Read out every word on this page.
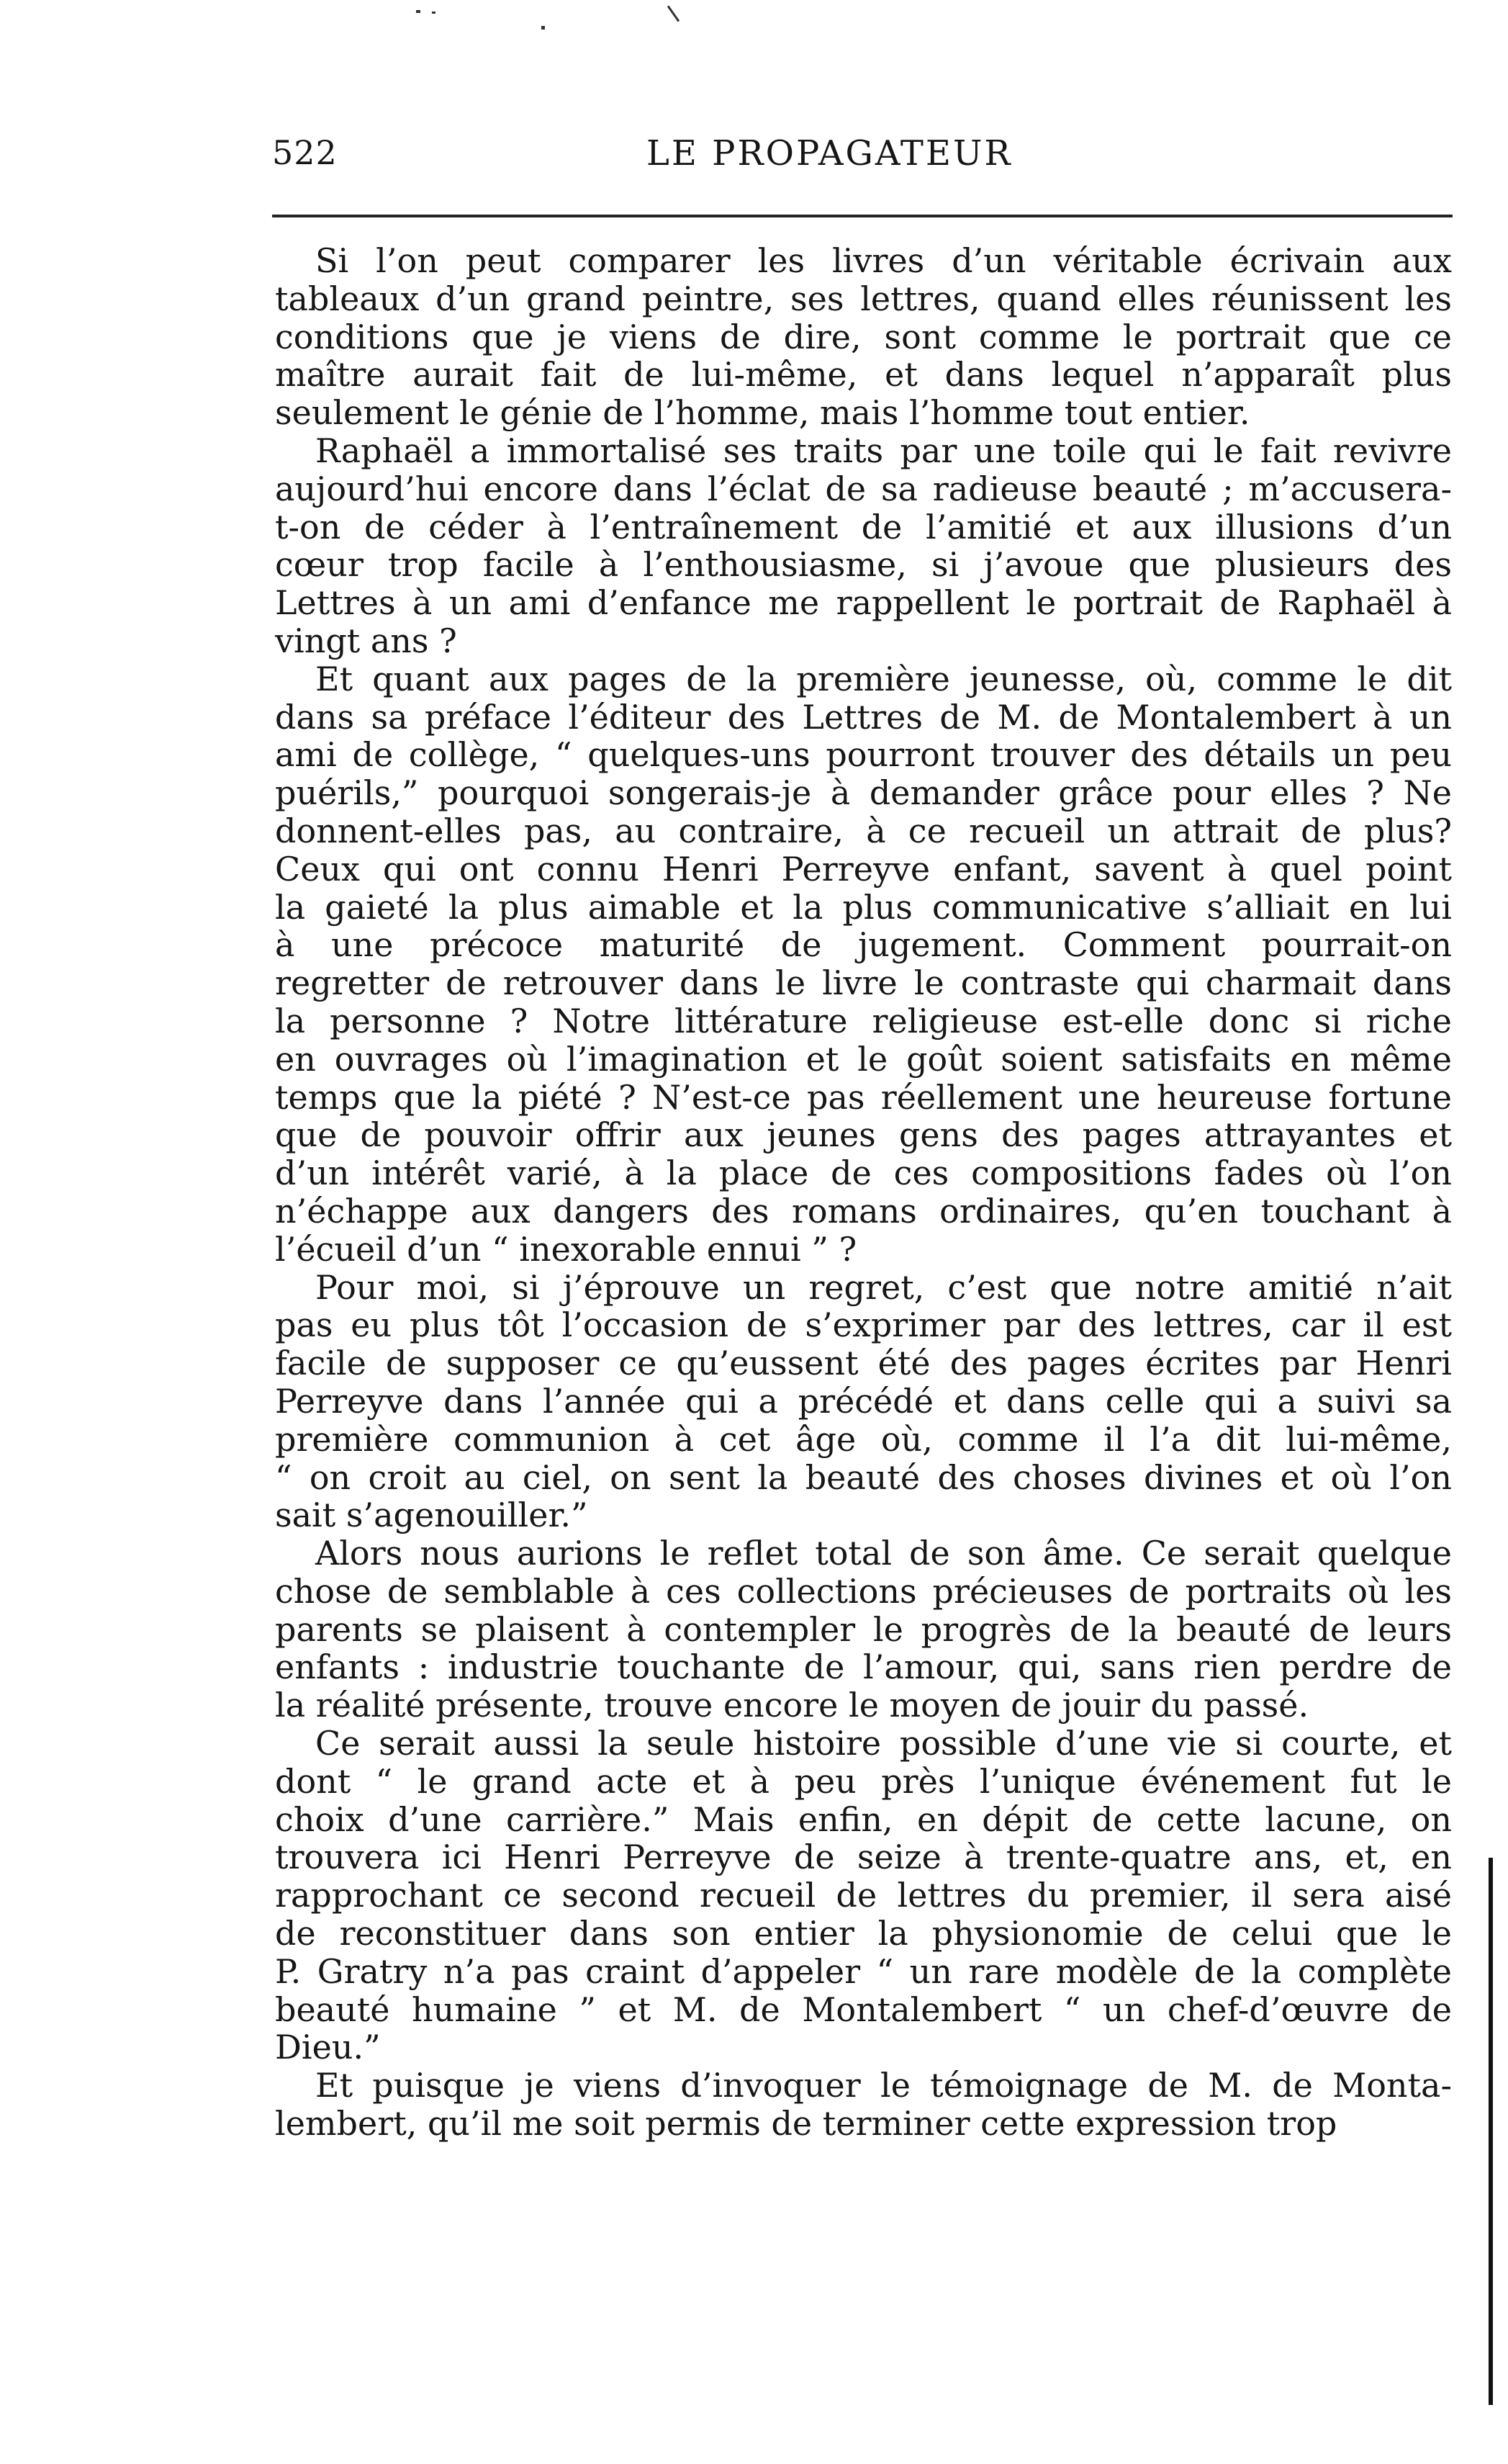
522	LE PROPAGATEUR

Si l’on peut comparer les livres d’un véritable écrivain aux
tableaux d’un grand peintre, ses lettres, quand elles réunissent les
conditions que je viens de dire, sont comme le portrait que ce
maître aurait fait de lui-même, et dans lequel n’apparaît plus
seulement le génie de l’homme, mais l’homme tout entier.

Raphaël a immortalisé ses traits par une toile qui le fait revivre
aujourd’hui encore dans l’éclat de sa radieuse beauté ; m’accusera-
t-on de céder à l’entraînement de l’amitié et aux illusions d’un
cœur trop facile à l’enthousiasme, si j’avoue que plusieurs des
Lettres à un ami d’enfance me rappellent le portrait de Raphaël à
vingt ans ?

Et quant aux pages de la première jeunesse, où, comme le dit
dans sa préface l’éditeur des Lettres de M. de Montalembert à un
ami de collège, “ quelques-uns pourront trouver des détails un peu
puérils,” pourquoi songerais-je à demander grâce pour elles ? Ne
donnent-elles pas, au contraire, à ce recueil un attrait de plus?
Ceux qui ont connu Henri Perreyve enfant, savent à quel point
la gaieté la plus aimable et la plus communicative s’alliait en lui
à une précoce maturité de jugement. Comment pourrait-on
regretter de retrouver dans le livre le contraste qui charmait dans
la personne ? Notre littérature religieuse est-elle donc si riche
en ouvrages où l’imagination et le goût soient satisfaits en même
temps que la piété ? N’est-ce pas réellement une heureuse fortune
que de pouvoir offrir aux jeunes gens des pages attrayantes et
d’un intérêt varié, à la place de ces compositions fades où l’on
n’échappe aux dangers des romans ordinaires, qu’en touchant à
l’écueil d’un “ inexorable ennui ” ?

Pour moi, si j’éprouve un regret, c’est que notre amitié n’ait
pas eu plus tôt l’occasion de s’exprimer par des lettres, car il est
facile de supposer ce qu’eussent été des pages écrites par Henri
Perreyve dans l’année qui a précédé et dans celle qui a suivi sa
première communion à cet âge où, comme il l’a dit lui-même,
“ on croit au ciel, on sent la beauté des choses divines et où l’on
sait s’agenouiller.”

Alors nous aurions le reflet total de son âme. Ce serait quelque
chose de semblable à ces collections précieuses de portraits où les
parents se plaisent à contempler le progrès de la beauté de leurs
enfants : industrie touchante de l’amour, qui, sans rien perdre de
la réalité présente, trouve encore le moyen de jouir du passé.

Ce serait aussi la seule histoire possible d’une vie si courte, et
dont “ le grand acte et à peu près l’unique événement fut le
choix d’une carrière.” Mais enfin, en dépit de cette lacune, on
trouvera ici Henri Perreyve de seize à trente-quatre ans, et, en
rapprochant ce second recueil de lettres du premier, il sera aisé
de reconstituer dans son entier la physionomie de celui que le
P. Gratry n’a pas craint d’appeler “ un rare modèle de la complète
beauté humaine ” et M. de Montalembert “ un chef-d’œuvre de
Dieu.”

Et puisque je viens d’invoquer le témoignage de M. de Monta-
lembert, qu’il me soit permis de terminer cette expression trop
